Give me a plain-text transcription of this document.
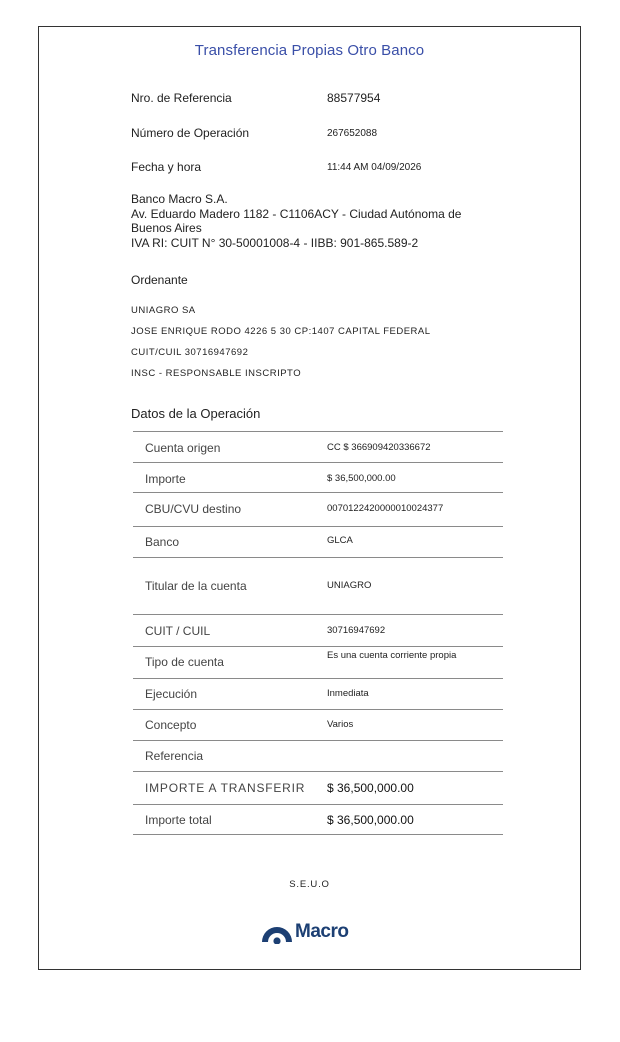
Transferencia Propias Otro Banco
Nro. de Referencia	88577954
Número de Operación	267652088
Fecha y hora	11:44 AM 04/09/2026
Banco Macro S.A.
Av. Eduardo Madero 1182 - C1106ACY - Ciudad Autónoma de
Buenos Aires
IVA RI: CUIT N° 30-50001008-4 - IIBB: 901-865.589-2
Ordenante
UNIAGRO SA
JOSE ENRIQUE RODO 4226 5 30 CP:1407 CAPITAL FEDERAL
CUIT/CUIL 30716947692
INSC - RESPONSABLE INSCRIPTO
Datos de la Operación
Cuenta origen	CC $ 366909420336672
Importe	$ 36,500,000.00
CBU/CVU destino	0070122420000010024377
Banco	GLCA
Titular de la cuenta	UNIAGRO
CUIT / CUIL	30716947692
Tipo de cuenta	Es una cuenta corriente propia
Ejecución	Inmediata
Concepto	Varios
Referencia
IMPORTE A TRANSFERIR $ 36,500,000.00
Importe total	$ 36,500,000.00
S.E.U.O
Macro
